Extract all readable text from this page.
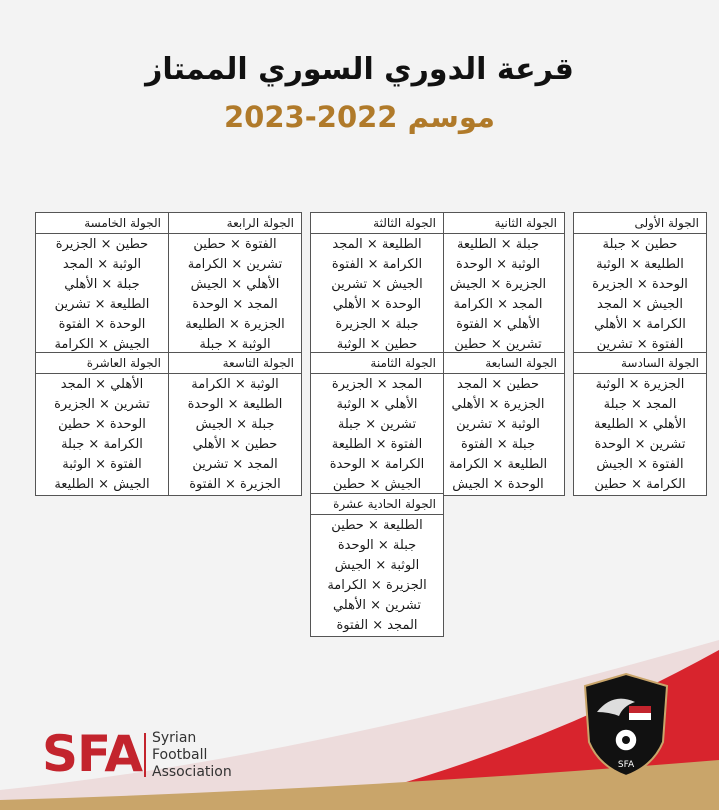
قرعة الدوري السوري الممتاز
موسم 2022-2023
الجولة الأولى
حطين × جبلة
الطليعة × الوثبة
الوحدة × الجزيرة
الجيش × المجد
الكرامة × الأهلي
الفتوة × تشرين
الجولة الثانية
جبلة × الطليعة
الوثبة × الوحدة
الجزيرة × الجيش
المجد × الكرامة
الأهلي × الفتوة
تشرين × حطين
الجولة الثالثة
الطليعة × المجد
الكرامة × الفتوة
الجيش × تشرين
الوحدة × الأهلي
جبلة × الجزيرة
حطين × الوثبة
الجولة الرابعة
الفتوة × حطين
تشرين × الكرامة
الأهلي × الجيش
المجد × الوحدة
الجزيرة × الطليعة
الوثبة × جبلة
الجولة الخامسة
حطين × الجزيرة
الوثبة × المجد
جبلة × الأهلي
الطليعة × تشرين
الوحدة × الفتوة
الجيش × الكرامة
الجولة السادسة
الجزيرة × الوثبة
المجد × جبلة
الأهلي × الطليعة
تشرين × الوحدة
الفتوة × الجيش
الكرامة × حطين
الجولة السابعة
حطين × المجد
الجزيرة × الأهلي
الوثبة × تشرين
جبلة × الفتوة
الطليعة × الكرامة
الوحدة × الجيش
الجولة الثامنة
المجد × الجزيرة
الأهلي × الوثبة
تشرين × جبلة
الفتوة × الطليعة
الكرامة × الوحدة
الجيش × حطين
الجولة التاسعة
الوثبة × الكرامة
الطليعة × الوحدة
جبلة × الجيش
حطين × الأهلي
المجد × تشرين
الجزيرة × الفتوة
الجولة العاشرة
الأهلي × المجد
تشرين × الجزيرة
الوحدة × حطين
الكرامة × جبلة
الفتوة × الوثبة
الجيش × الطليعة
الجولة الحادية عشرة
الطليعة × حطين
جبلة × الوحدة
الوثبة × الجيش
الجزيرة × الكرامة
تشرين × الأهلي
المجد × الفتوة
SFA Syrian
Football
Association	SFA
